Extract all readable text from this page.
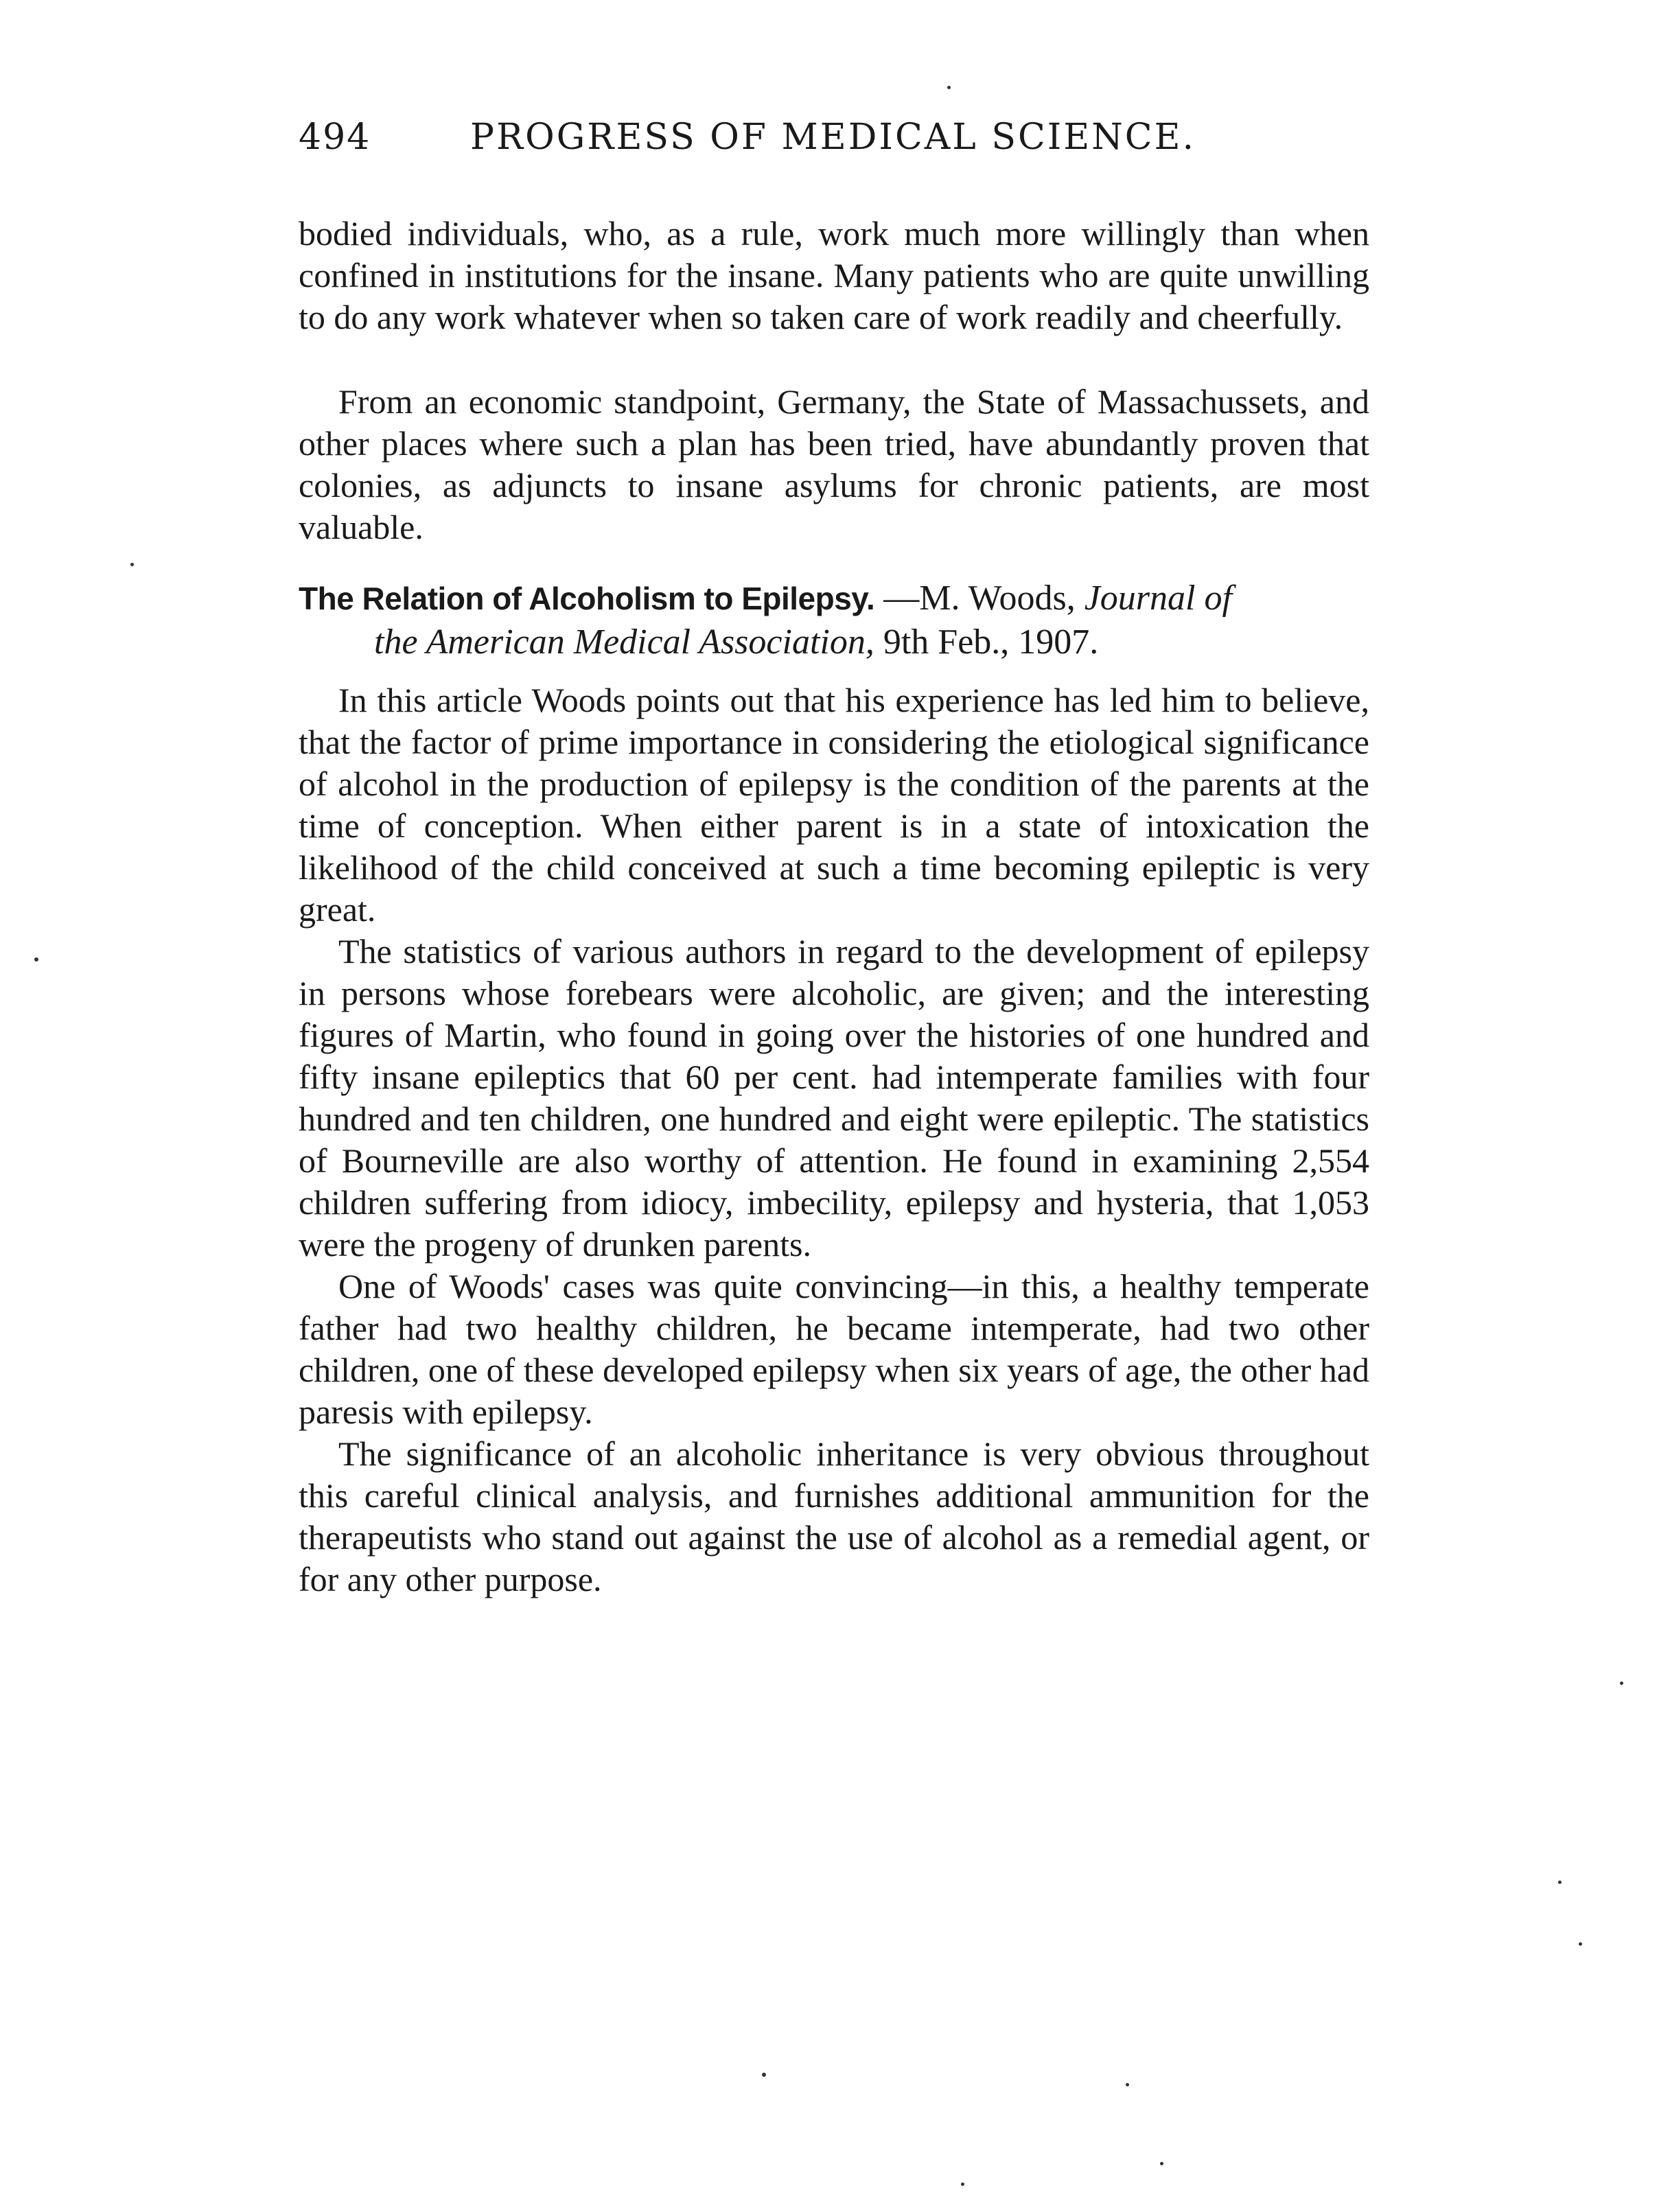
494	PROGRESS OF MEDICAL SCIENCE.

bodied individuals, who, as a rule, work much more willingly than when confined in institutions for the insane. Many patients who are quite unwilling to do any work whatever when so taken care of work readily and cheerfully.

From an economic standpoint, Germany, the State of Massachussets, and other places where such a plan has been tried, have abundantly proven that colonies, as adjuncts to insane asylums for chronic patients, are most valuable.

The Relation of Alcoholism to Epilepsy. —M. Woods, Journal of
the American Medical Association, 9th Feb., 1907.

In this article Woods points out that his experience has led him to believe, that the factor of prime importance in considering the etiological significance of alcohol in the production of epilepsy is the condition of the parents at the time of conception. When either parent is in a state of intoxication the likelihood of the child conceived at such a time becoming epileptic is very great.

The statistics of various authors in regard to the development of epilepsy in persons whose forebears were alcoholic, are given; and the interesting figures of Martin, who found in going over the histories of one hundred and fifty insane epileptics that 60 per cent. had intemperate families with four hundred and ten children, one hundred and eight were epileptic. The statistics of Bourneville are also worthy of attention. He found in examining 2,554 children suffering from idiocy, imbecility, epilepsy and hysteria, that 1,053 were the progeny of drunken parents.

One of Woods' cases was quite convincing—in this, a healthy temperate father had two healthy children, he became intemperate, had two other children, one of these developed epilepsy when six years of age, the other had paresis with epilepsy.

The significance of an alcoholic inheritance is very obvious throughout this careful clinical analysis, and furnishes additional ammunition for the therapeutists who stand out against the use of alcohol as a remedial agent, or for any other purpose.
